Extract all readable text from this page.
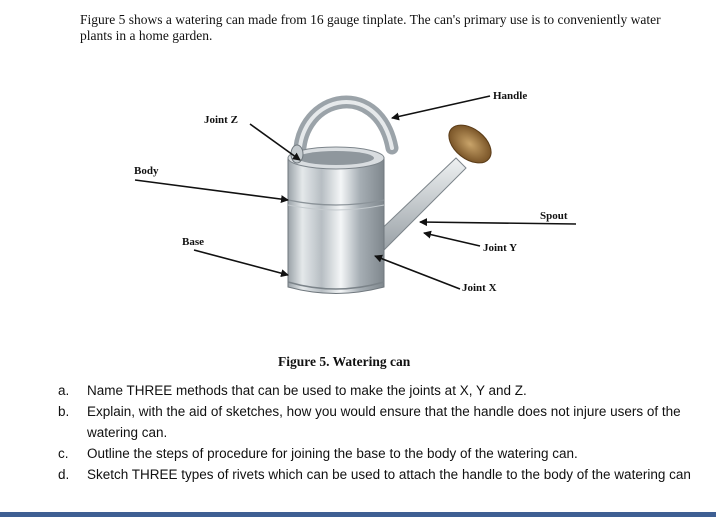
Figure 5 shows a watering can made from 16 gauge tinplate. The can's primary use is to conveniently water plants in a home garden.
Handle
Joint Z
Body
Spout
Base	Joint Y
Joint X
Figure 5. Watering can
a.	Name THREE methods that can be used to make the joints at X, Y and Z.
b.	Explain, with the aid of sketches, how you would ensure that the handle does not injure users of the watering can.
c.	Outline the steps of procedure for joining the base to the body of the watering can.
d.	Sketch THREE types of rivets which can be used to attach the handle to the body of the watering can
